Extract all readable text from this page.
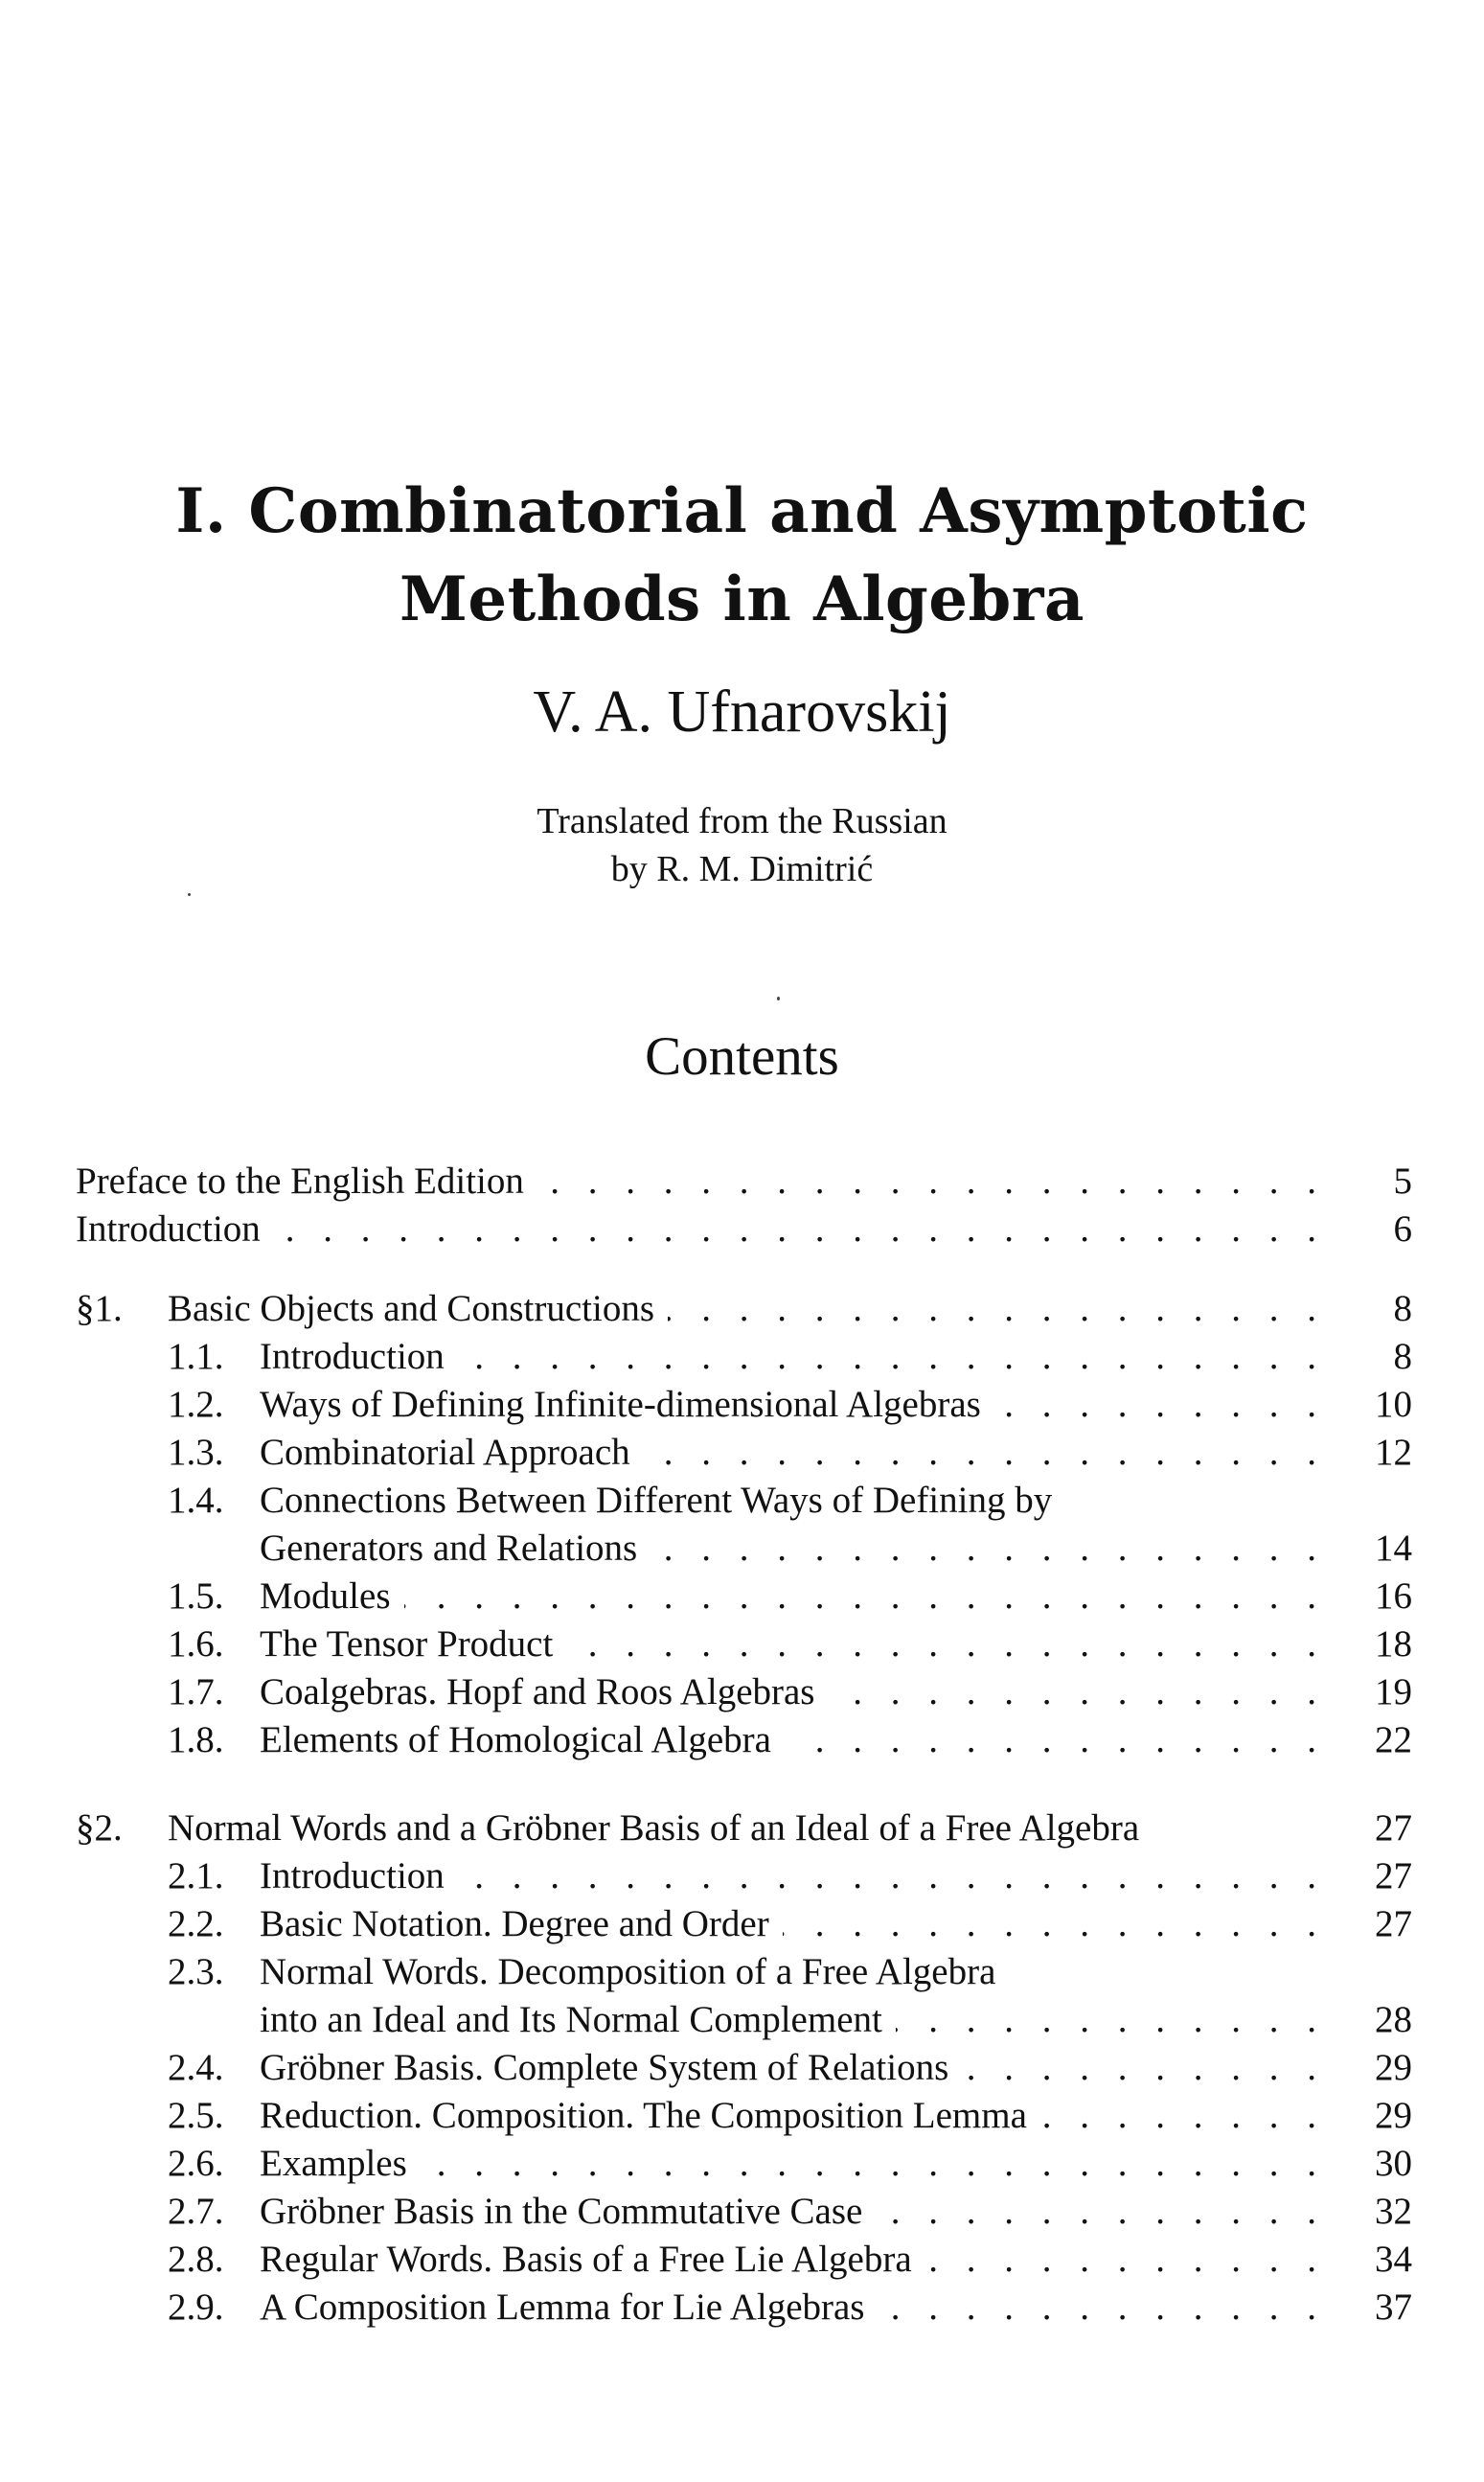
I. Combinatorial and Asymptotic
Methods in Algebra
V. A. Ufnarovskij
Translated from the Russian
by R. M. Dimitrić
Contents
Preface to the English Edition . . .	5
Introduction . . .	6
§1. Basic Objects and Constructions . . .	8
1.1. Introduction . . .	8
1.2. Ways of Defining Infinite-dimensional Algebras . . .	10
1.3. Combinatorial Approach . . .	12
1.4. Connections Between Different Ways of Defining by
Generators and Relations . . .	14
1.5. Modules . . .	16
1.6. The Tensor Product . . .	18
1.7. Coalgebras. Hopf and Roos Algebras . . .	19
1.8. Elements of Homological Algebra . . .	22
§2. Normal Words and a Gröbner Basis of an Ideal of a Free Algebra	27
2.1. Introduction . . .	27
2.2. Basic Notation. Degree and Order . . .	27
2.3. Normal Words. Decomposition of a Free Algebra
into an Ideal and Its Normal Complement . . .	28
2.4. Gröbner Basis. Complete System of Relations . . .	29
2.5. Reduction. Composition. The Composition Lemma . . .	29
2.6. Examples . . .	30
2.7. Gröbner Basis in the Commutative Case . . .	32
2.8. Regular Words. Basis of a Free Lie Algebra . . .	34
2.9. A Composition Lemma for Lie Algebras . . .	37
